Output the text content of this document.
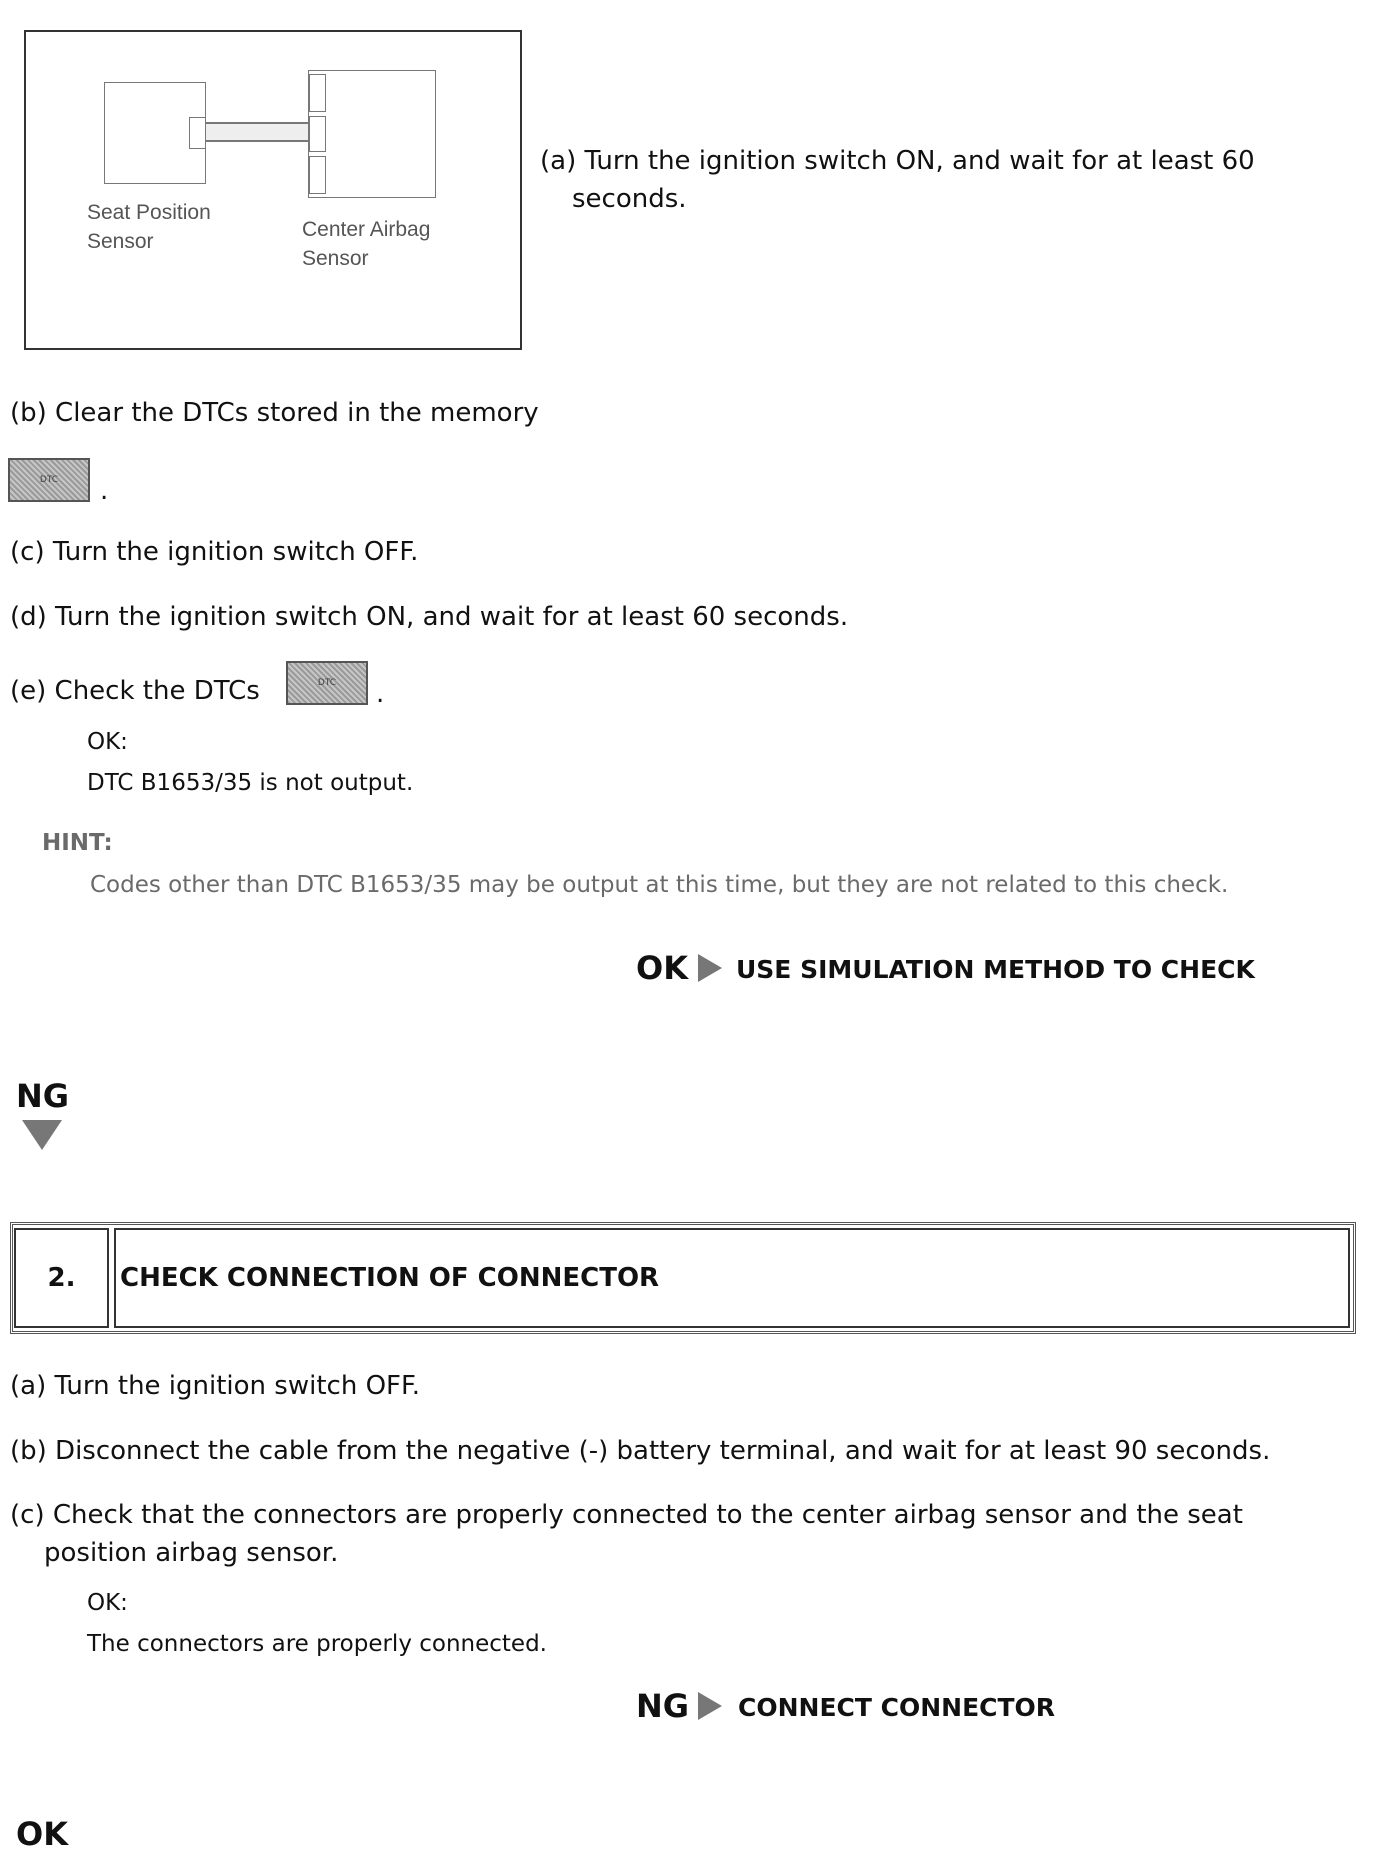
Seat Position
Sensor
Center Airbag
Sensor
(a) Turn the ignition switch ON, and wait for at least 60
seconds.
(b) Clear the DTCs stored in the memory
DTC .
(c) Turn the ignition switch OFF.
(d) Turn the ignition switch ON, and wait for at least 60 seconds.
(e) Check the DTCs	DTC .
OK:
DTC B1653/35 is not output.
HINT:
Codes other than DTC B1653/35 may be output at this time, but they are not related to this check.
OK USE SIMULATION METHOD TO CHECK
NG
2.	CHECK CONNECTION OF CONNECTOR
(a) Turn the ignition switch OFF.
(b) Disconnect the cable from the negative (-) battery terminal, and wait for at least 90 seconds.
(c) Check that the connectors are properly connected to the center airbag sensor and the seat
position airbag sensor.
OK:
The connectors are properly connected.
NG CONNECT CONNECTOR
OK
